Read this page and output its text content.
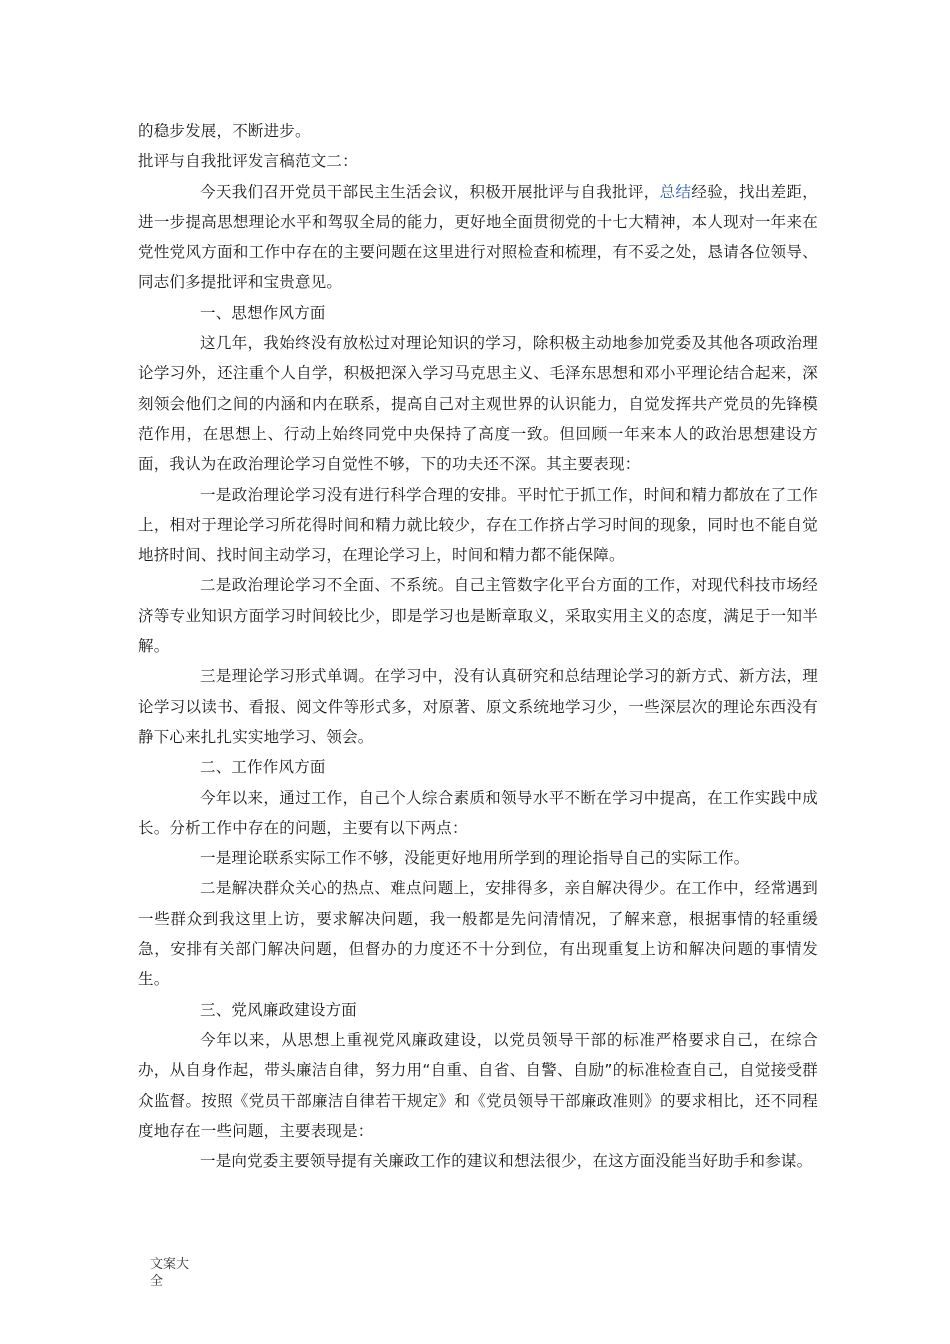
的稳步发展，不断进步。

批评与自我批评发言稿范文二：

今天我们召开党员干部民主生活会议，积极开展批评与自我批评，总结经验，找出差距，进一步提高思想理论水平和驾驭全局的能力，更好地全面贯彻党的十七大精神，本人现对一年来在党性党风方面和工作中存在的主要问题在这里进行对照检查和梳理，有不妥之处，恳请各位领导、同志们多提批评和宝贵意见。

一、思想作风方面

这几年，我始终没有放松过对理论知识的学习，除积极主动地参加党委及其他各项政治理论学习外，还注重个人自学，积极把深入学习马克思主义、毛泽东思想和邓小平理论结合起来，深刻领会他们之间的内涵和内在联系，提高自己对主观世界的认识能力，自觉发挥共产党员的先锋模范作用，在思想上、行动上始终同党中央保持了高度一致。但回顾一年来本人的政治思想建设方面，我认为在政治理论学习自觉性不够，下的功夫还不深。其主要表现：

一是政治理论学习没有进行科学合理的安排。平时忙于抓工作，时间和精力都放在了工作上，相对于理论学习所花得时间和精力就比较少，存在工作挤占学习时间的现象，同时也不能自觉地挤时间、找时间主动学习，在理论学习上，时间和精力都不能保障。

二是政治理论学习不全面、不系统。自己主管数字化平台方面的工作，对现代科技市场经济等专业知识方面学习时间较比少，即是学习也是断章取义，采取实用主义的态度，满足于一知半解。

三是理论学习形式单调。在学习中，没有认真研究和总结理论学习的新方式、新方法，理论学习以读书、看报、阅文件等形式多，对原著、原文系统地学习少，一些深层次的理论东西没有静下心来扎扎实实地学习、领会。

二、工作作风方面

今年以来，通过工作，自己个人综合素质和领导水平不断在学习中提高，在工作实践中成长。分析工作中存在的问题，主要有以下两点：

一是理论联系实际工作不够，没能更好地用所学到的理论指导自己的实际工作。

二是解决群众关心的热点、难点问题上，安排得多，亲自解决得少。在工作中，经常遇到一些群众到我这里上访，要求解决问题，我一般都是先问清情况，了解来意，根据事情的轻重缓急，安排有关部门解决问题，但督办的力度还不十分到位，有出现重复上访和解决问题的事情发生。

三、党风廉政建设方面

今年以来，从思想上重视党风廉政建设，以党员领导干部的标准严格要求自己，在综合办，从自身作起，带头廉洁自律，努力用“自重、自省、自警、自励”的标准检查自己，自觉接受群众监督。按照《党员干部廉洁自律若干规定》和《党员领导干部廉政准则》的要求相比，还不同程度地存在一些问题，主要表现是：

一是向党委主要领导提有关廉政工作的建议和想法很少，在这方面没能当好助手和参谋。

文案大全
